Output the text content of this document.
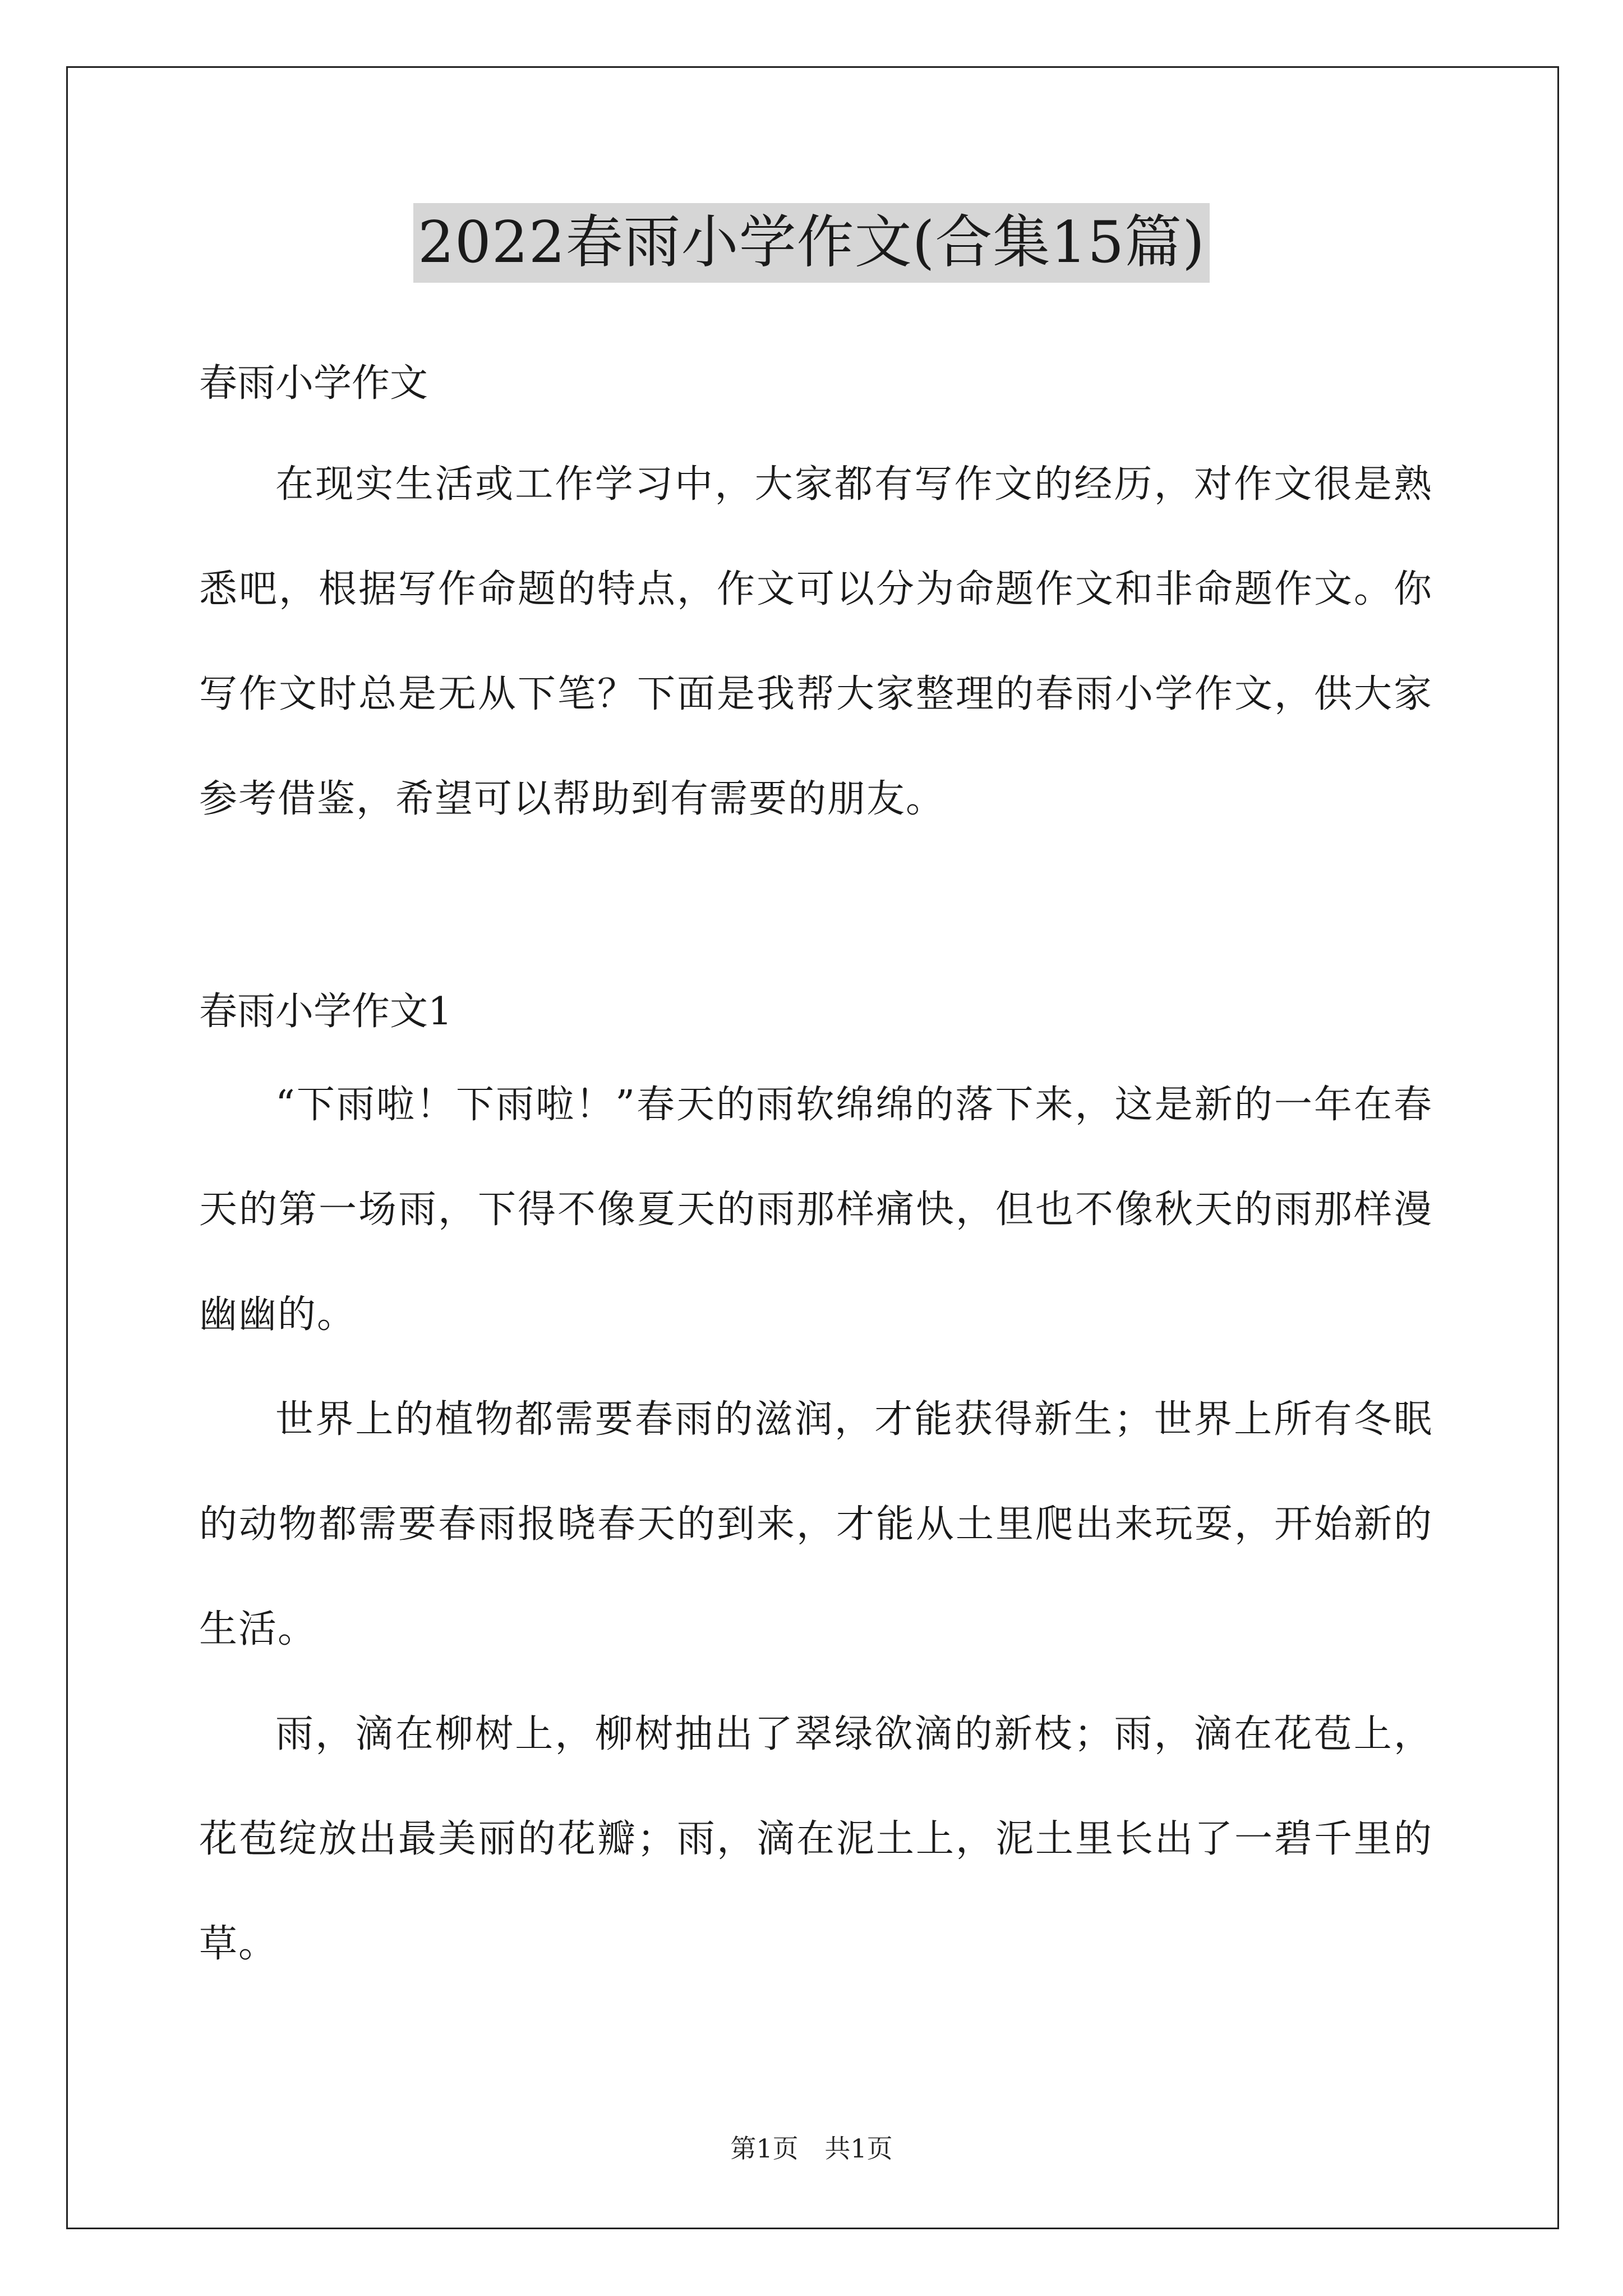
2022春雨小学作文(合集15篇)
春雨小学作文

在现实生活或工作学习中，大家都有写作文的经历，对作文很是熟悉吧，根据写作命题的特点，作文可以分为命题作文和非命题作文。你写作文时总是无从下笔？下面是我帮大家整理的春雨小学作文，供大家参考借鉴，希望可以帮助到有需要的朋友。

春雨小学作文1

“下雨啦！下雨啦！”春天的雨软绵绵的落下来，这是新的一年在春天的第一场雨，下得不像夏天的雨那样痛快，但也不像秋天的雨那样漫幽幽的。

世界上的植物都需要春雨的滋润，才能获得新生；世界上所有冬眠的动物都需要春雨报晓春天的到来，才能从土里爬出来玩耍，开始新的生活。

雨，滴在柳树上，柳树抽出了翠绿欲滴的新枝；雨，滴在花苞上，花苞绽放出最美丽的花瓣；雨，滴在泥土上，泥土里长出了一碧千里的草。

第1页 共1页
